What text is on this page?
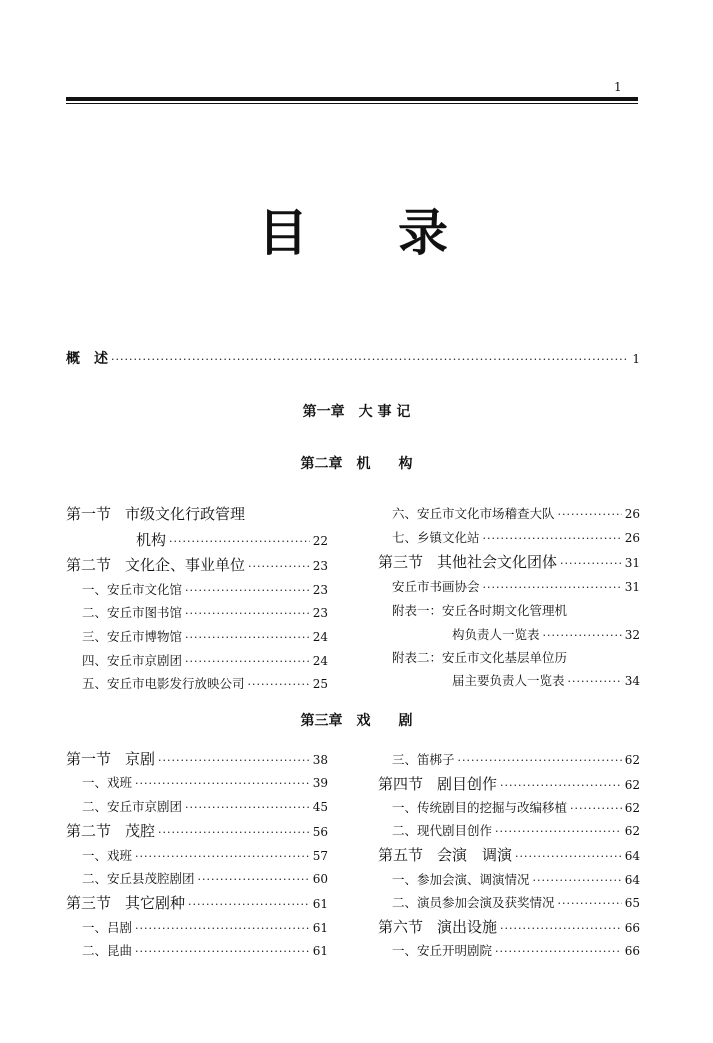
1
目 录
概　述 ·····	1
第一章 大 事 记
第二章 机　　构
第三章 戏　　剧
第一节 市级文化行政管理
机构 ·····	22
第二节 文化企、事业单位 ·····	23
一、安丘市文化馆 ·····	23
二、安丘市图书馆 ·····	23
三、安丘市博物馆 ·····	24
四、安丘市京剧团 ·····	24
五、安丘市电影发行放映公司 ·····	25
六、安丘市文化市场稽查大队 ·····	26
七、乡镇文化站 ·····	26
第三节 其他社会文化团体 ·····	31
安丘市书画协会 ·····	31
附表一：安丘各时期文化管理机
构负责人一览表 ·····	32
附表二：安丘市文化基层单位历
届主要负责人一览表 ·····	34
第一节 京剧 ·····	38
一、戏班 ·····	39
二、安丘市京剧团 ·····	45
第二节 茂腔 ·····	56
一、戏班 ·····	57
二、安丘县茂腔剧团 ·····	60
第三节 其它剧种 ·····	61
一、吕剧 ·····	61
二、昆曲 ·····	61
三、笛梆子 ·····	62
第四节 剧目创作 ·····	62
一、传统剧目的挖掘与改编移植 ·····	62
二、现代剧目创作 ·····	62
第五节 会演　调演 ·····	64
一、参加会演、调演情况 ·····	64
二、演员参加会演及获奖情况 ·····	65
第六节 演出设施 ·····	66
一、安丘开明剧院 ·····	66
